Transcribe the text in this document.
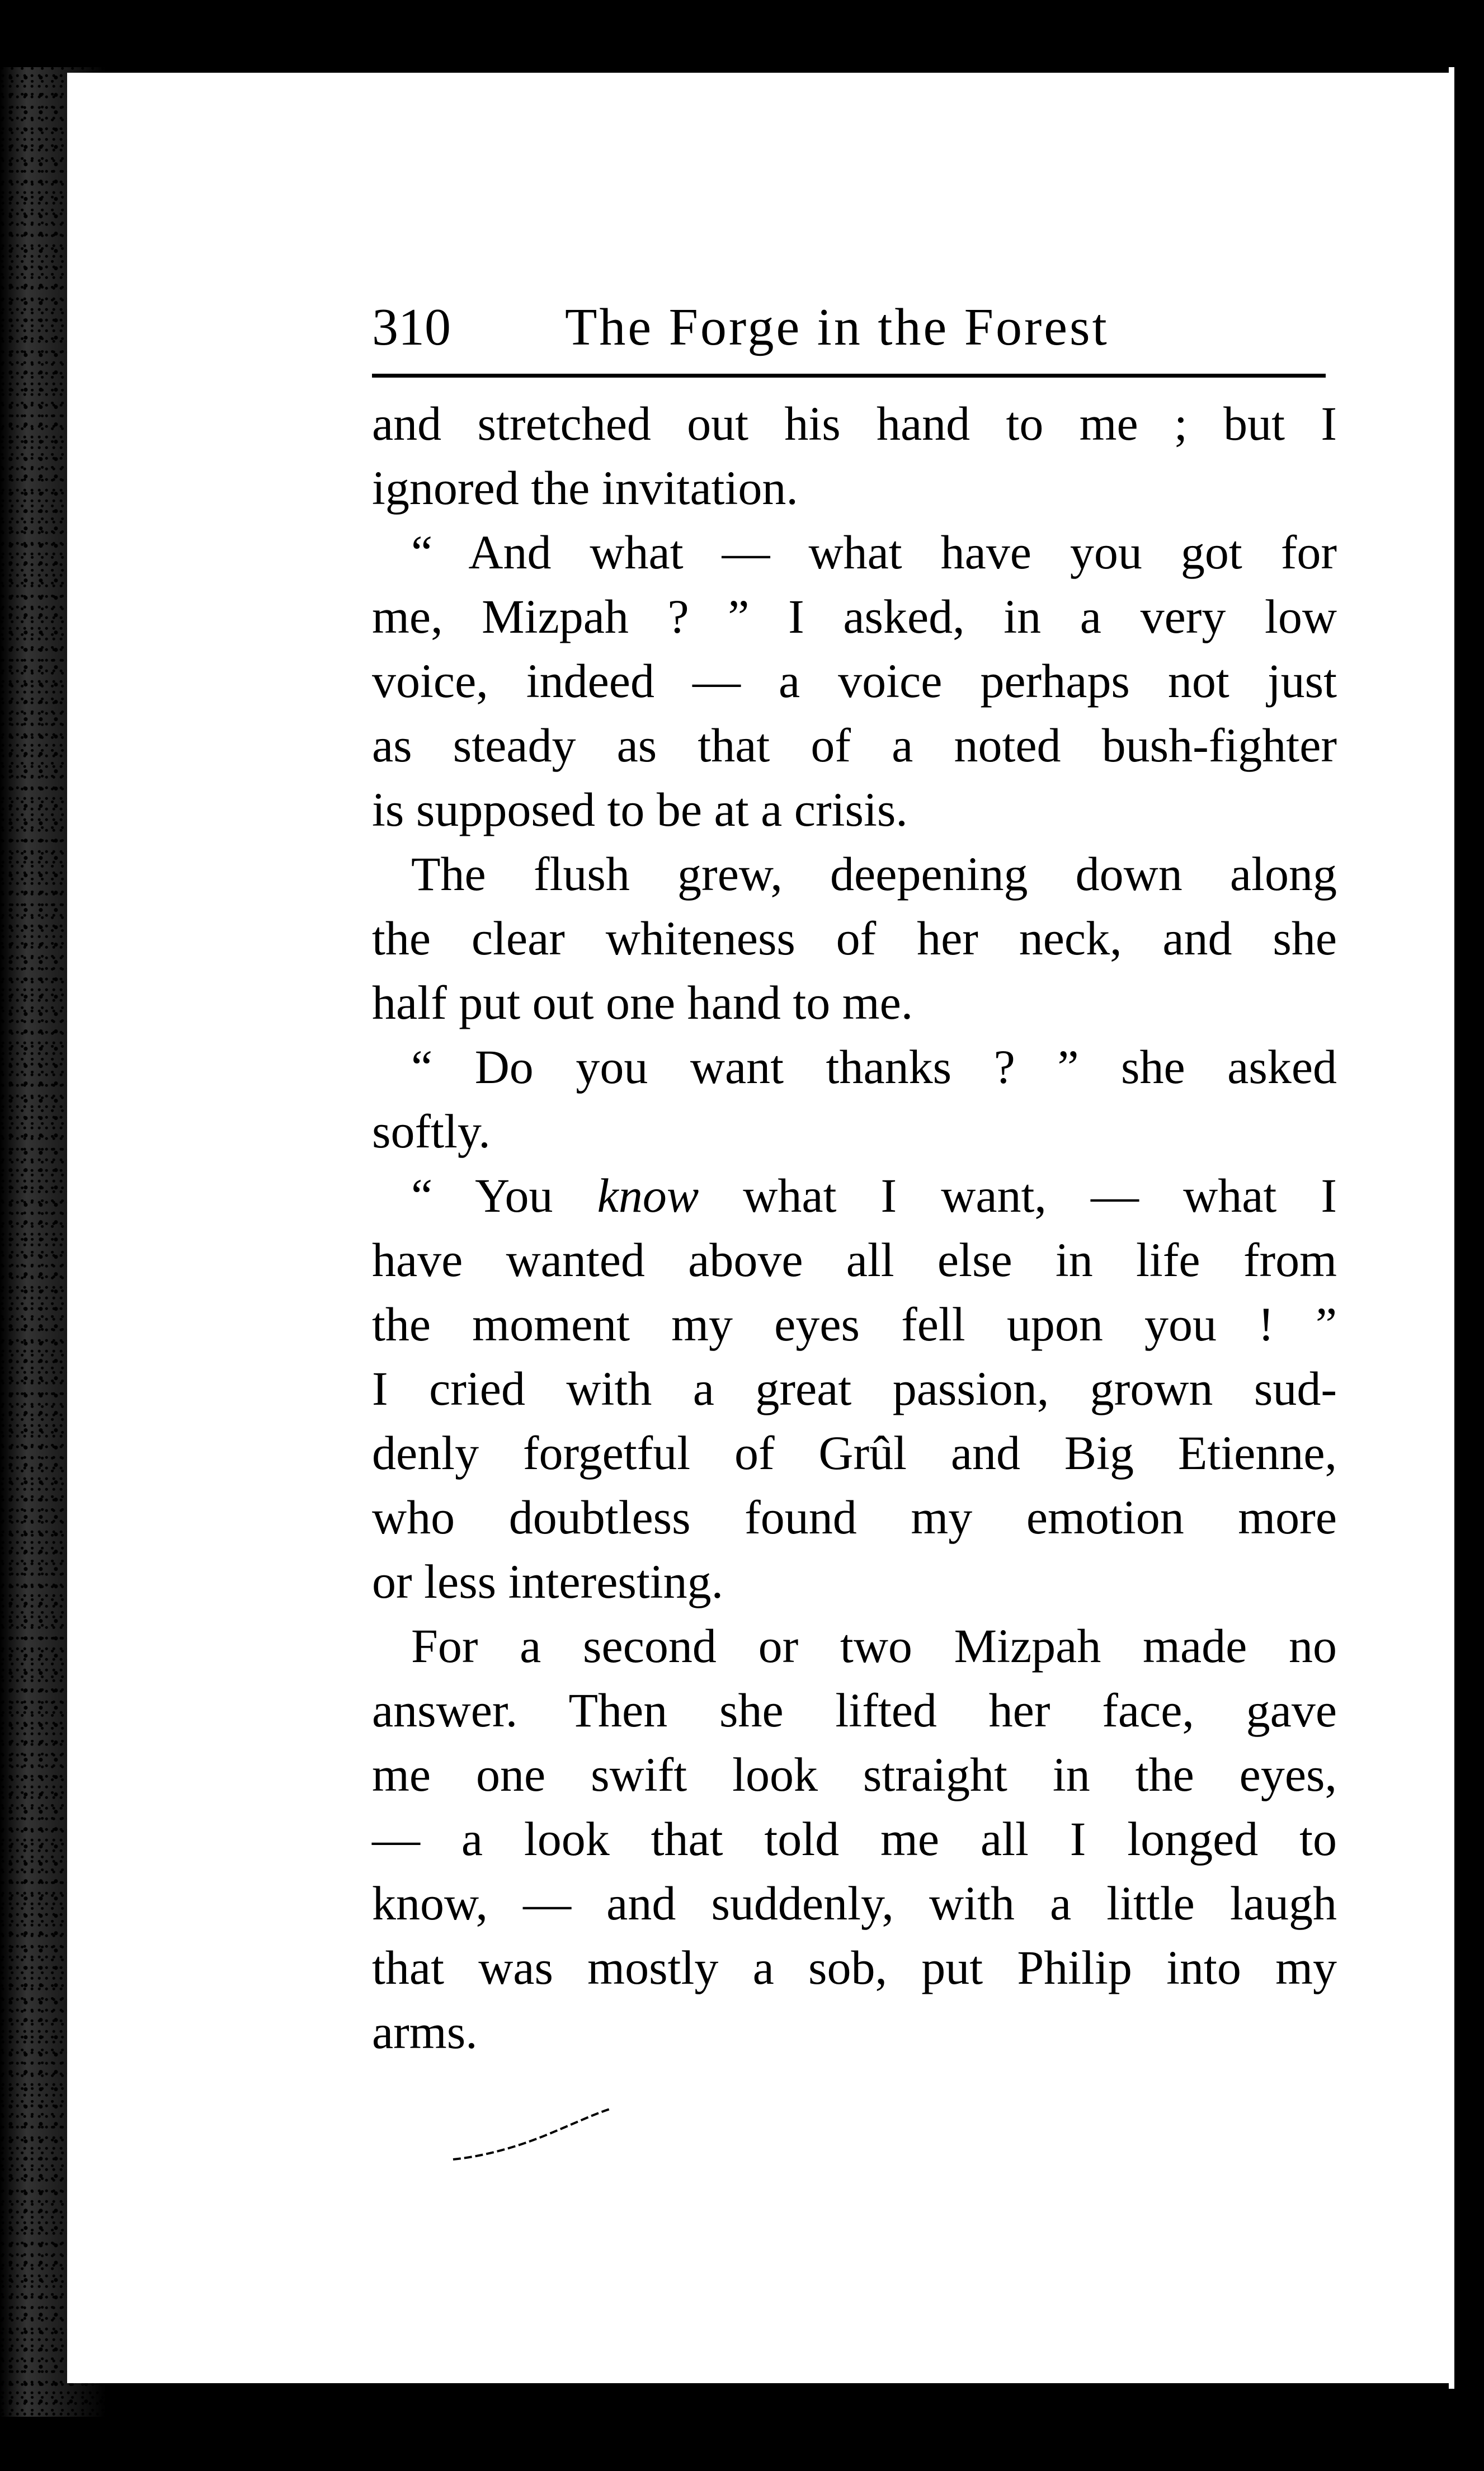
310 The Forge in the Forest
and stretched out his hand to me ; but I
ignored the invitation.
“ And what — what have you got for
me, Mizpah ? ” I asked, in a very low
voice, indeed — a voice perhaps not just
as steady as that of a noted bush-fighter
is supposed to be at a crisis.
The flush grew, deepening down along
the clear whiteness of her neck, and she
half put out one hand to me.
“ Do you want thanks ? ” she asked
softly.
“ You know what I want, — what I
have wanted above all else in life from
the moment my eyes fell upon you ! ”
I cried with a great passion, grown sud-
denly forgetful of Grûl and Big Etienne,
who doubtless found my emotion more
or less interesting.
For a second or two Mizpah made no
answer. Then she lifted her face, gave
me one swift look straight in the eyes,
— a look that told me all I longed to
know, — and suddenly, with a little laugh
that was mostly a sob, put Philip into my
arms.
